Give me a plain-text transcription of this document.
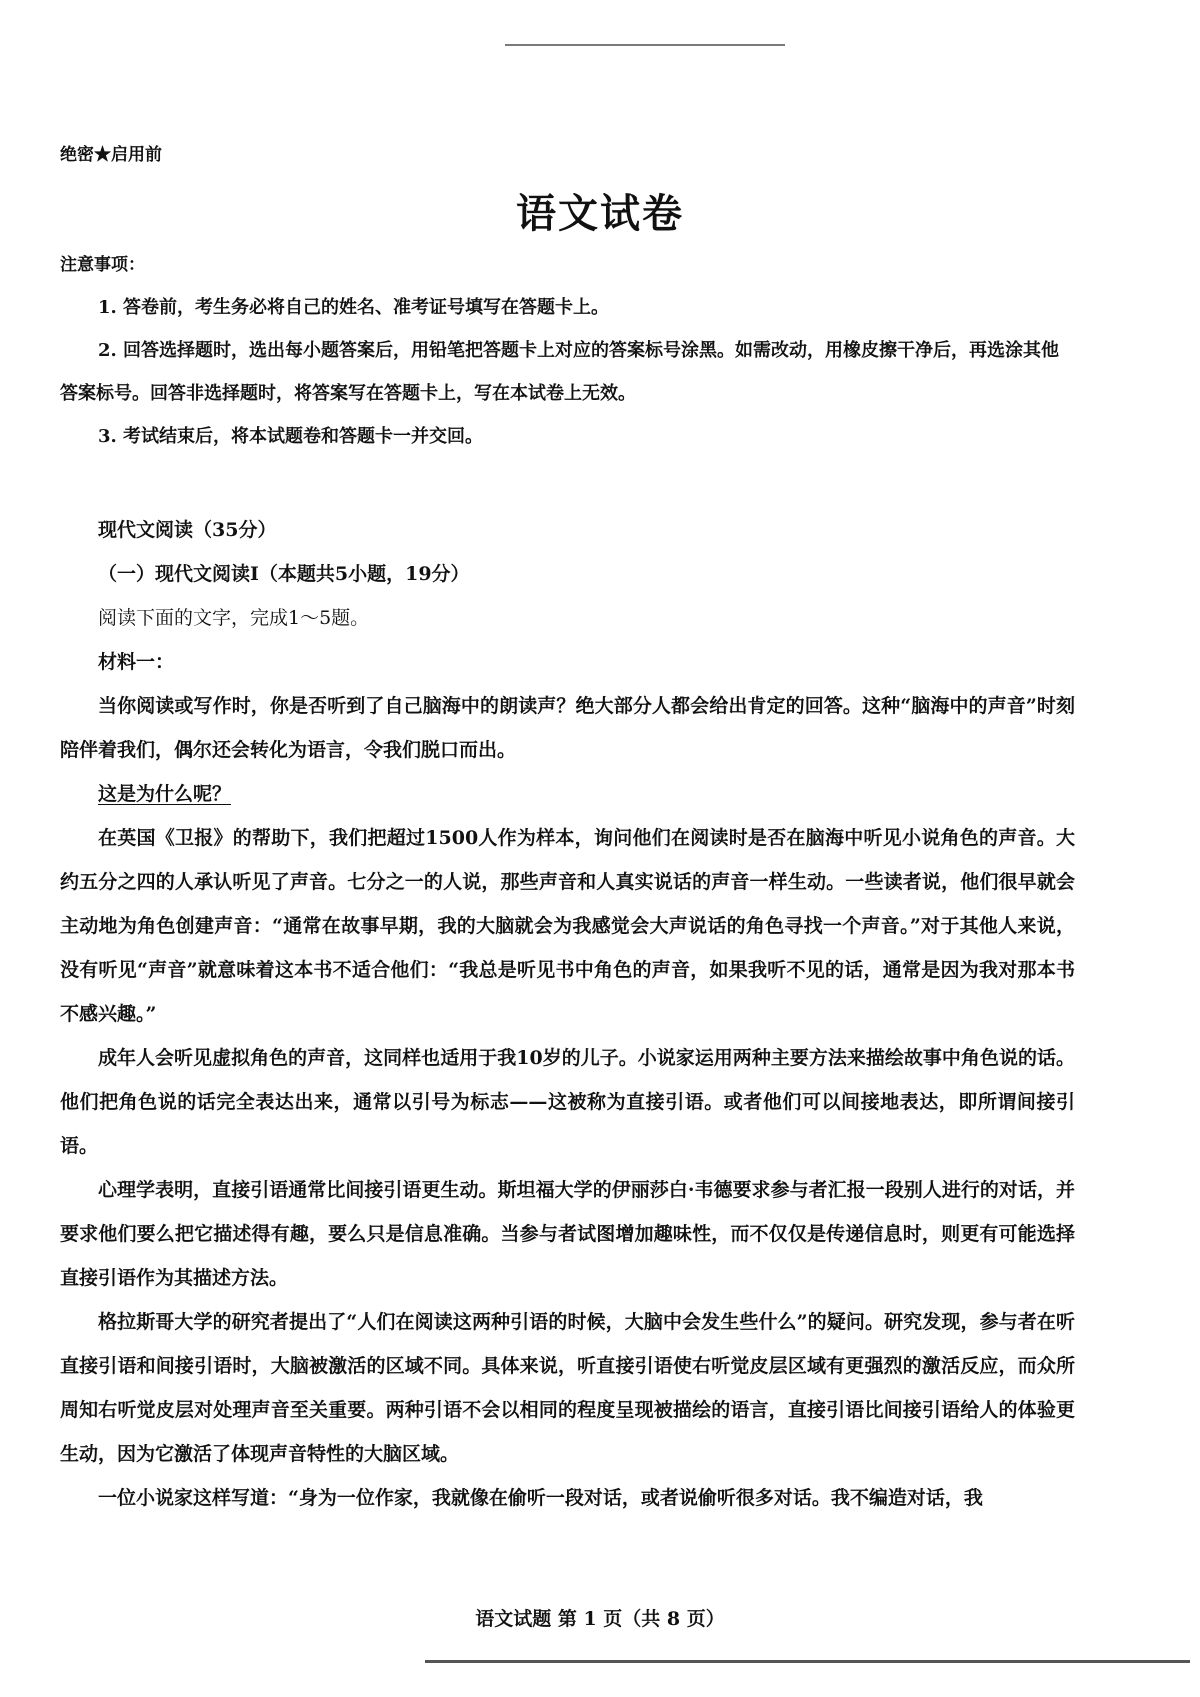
绝密★启用前
语文试卷
注意事项：

1. 答卷前，考生务必将自己的姓名、准考证号填写在答题卡上。

2. 回答选择题时，选出每小题答案后，用铅笔把答题卡上对应的答案标号涂黑。如需改动，用橡皮擦干净后，再选涂其他答案标号。回答非选择题时，将答案写在答题卡上，写在本试卷上无效。

3. 考试结束后，将本试题卷和答题卡一并交回。

现代文阅读（35分）

（一）现代文阅读Ⅰ（本题共5小题，19分）

阅读下面的文字，完成1～5题。

材料一：

当你阅读或写作时，你是否听到了自己脑海中的朗读声？绝大部分人都会给出肯定的回答。这种“脑海中的声音”时刻陪伴着我们，偶尔还会转化为语言，令我们脱口而出。

这是为什么呢？

在英国《卫报》的帮助下，我们把超过1500人作为样本，询问他们在阅读时是否在脑海中听见小说角色的声音。大约五分之四的人承认听见了声音。七分之一的人说，那些声音和人真实说话的声音一样生动。一些读者说，他们很早就会主动地为角色创建声音：“通常在故事早期，我的大脑就会为我感觉会大声说话的角色寻找一个声音。”对于其他人来说，没有听见“声音”就意味着这本书不适合他们：“我总是听见书中角色的声音，如果我听不见的话，通常是因为我对那本书不感兴趣。”

成年人会听见虚拟角色的声音，这同样也适用于我10岁的儿子。小说家运用两种主要方法来描绘故事中角色说的话。他们把角色说的话完全表达出来，通常以引号为标志——这被称为直接引语。或者他们可以间接地表达，即所谓间接引语。

心理学表明，直接引语通常比间接引语更生动。斯坦福大学的伊丽莎白·韦德要求参与者汇报一段别人进行的对话，并要求他们要么把它描述得有趣，要么只是信息准确。当参与者试图增加趣味性，而不仅仅是传递信息时，则更有可能选择直接引语作为其描述方法。

格拉斯哥大学的研究者提出了“人们在阅读这两种引语的时候，大脑中会发生些什么”的疑问。研究发现，参与者在听直接引语和间接引语时，大脑被激活的区域不同。具体来说，听直接引语使右听觉皮层区域有更强烈的激活反应，而众所周知右听觉皮层对处理声音至关重要。两种引语不会以相同的程度呈现被描绘的语言，直接引语比间接引语给人的体验更生动，因为它激活了体现声音特性的大脑区域。

一位小说家这样写道：“身为一位作家，我就像在偷听一段对话，或者说偷听很多对话。我不编造对话，我

语文试题 第 1 页（共 8 页）
